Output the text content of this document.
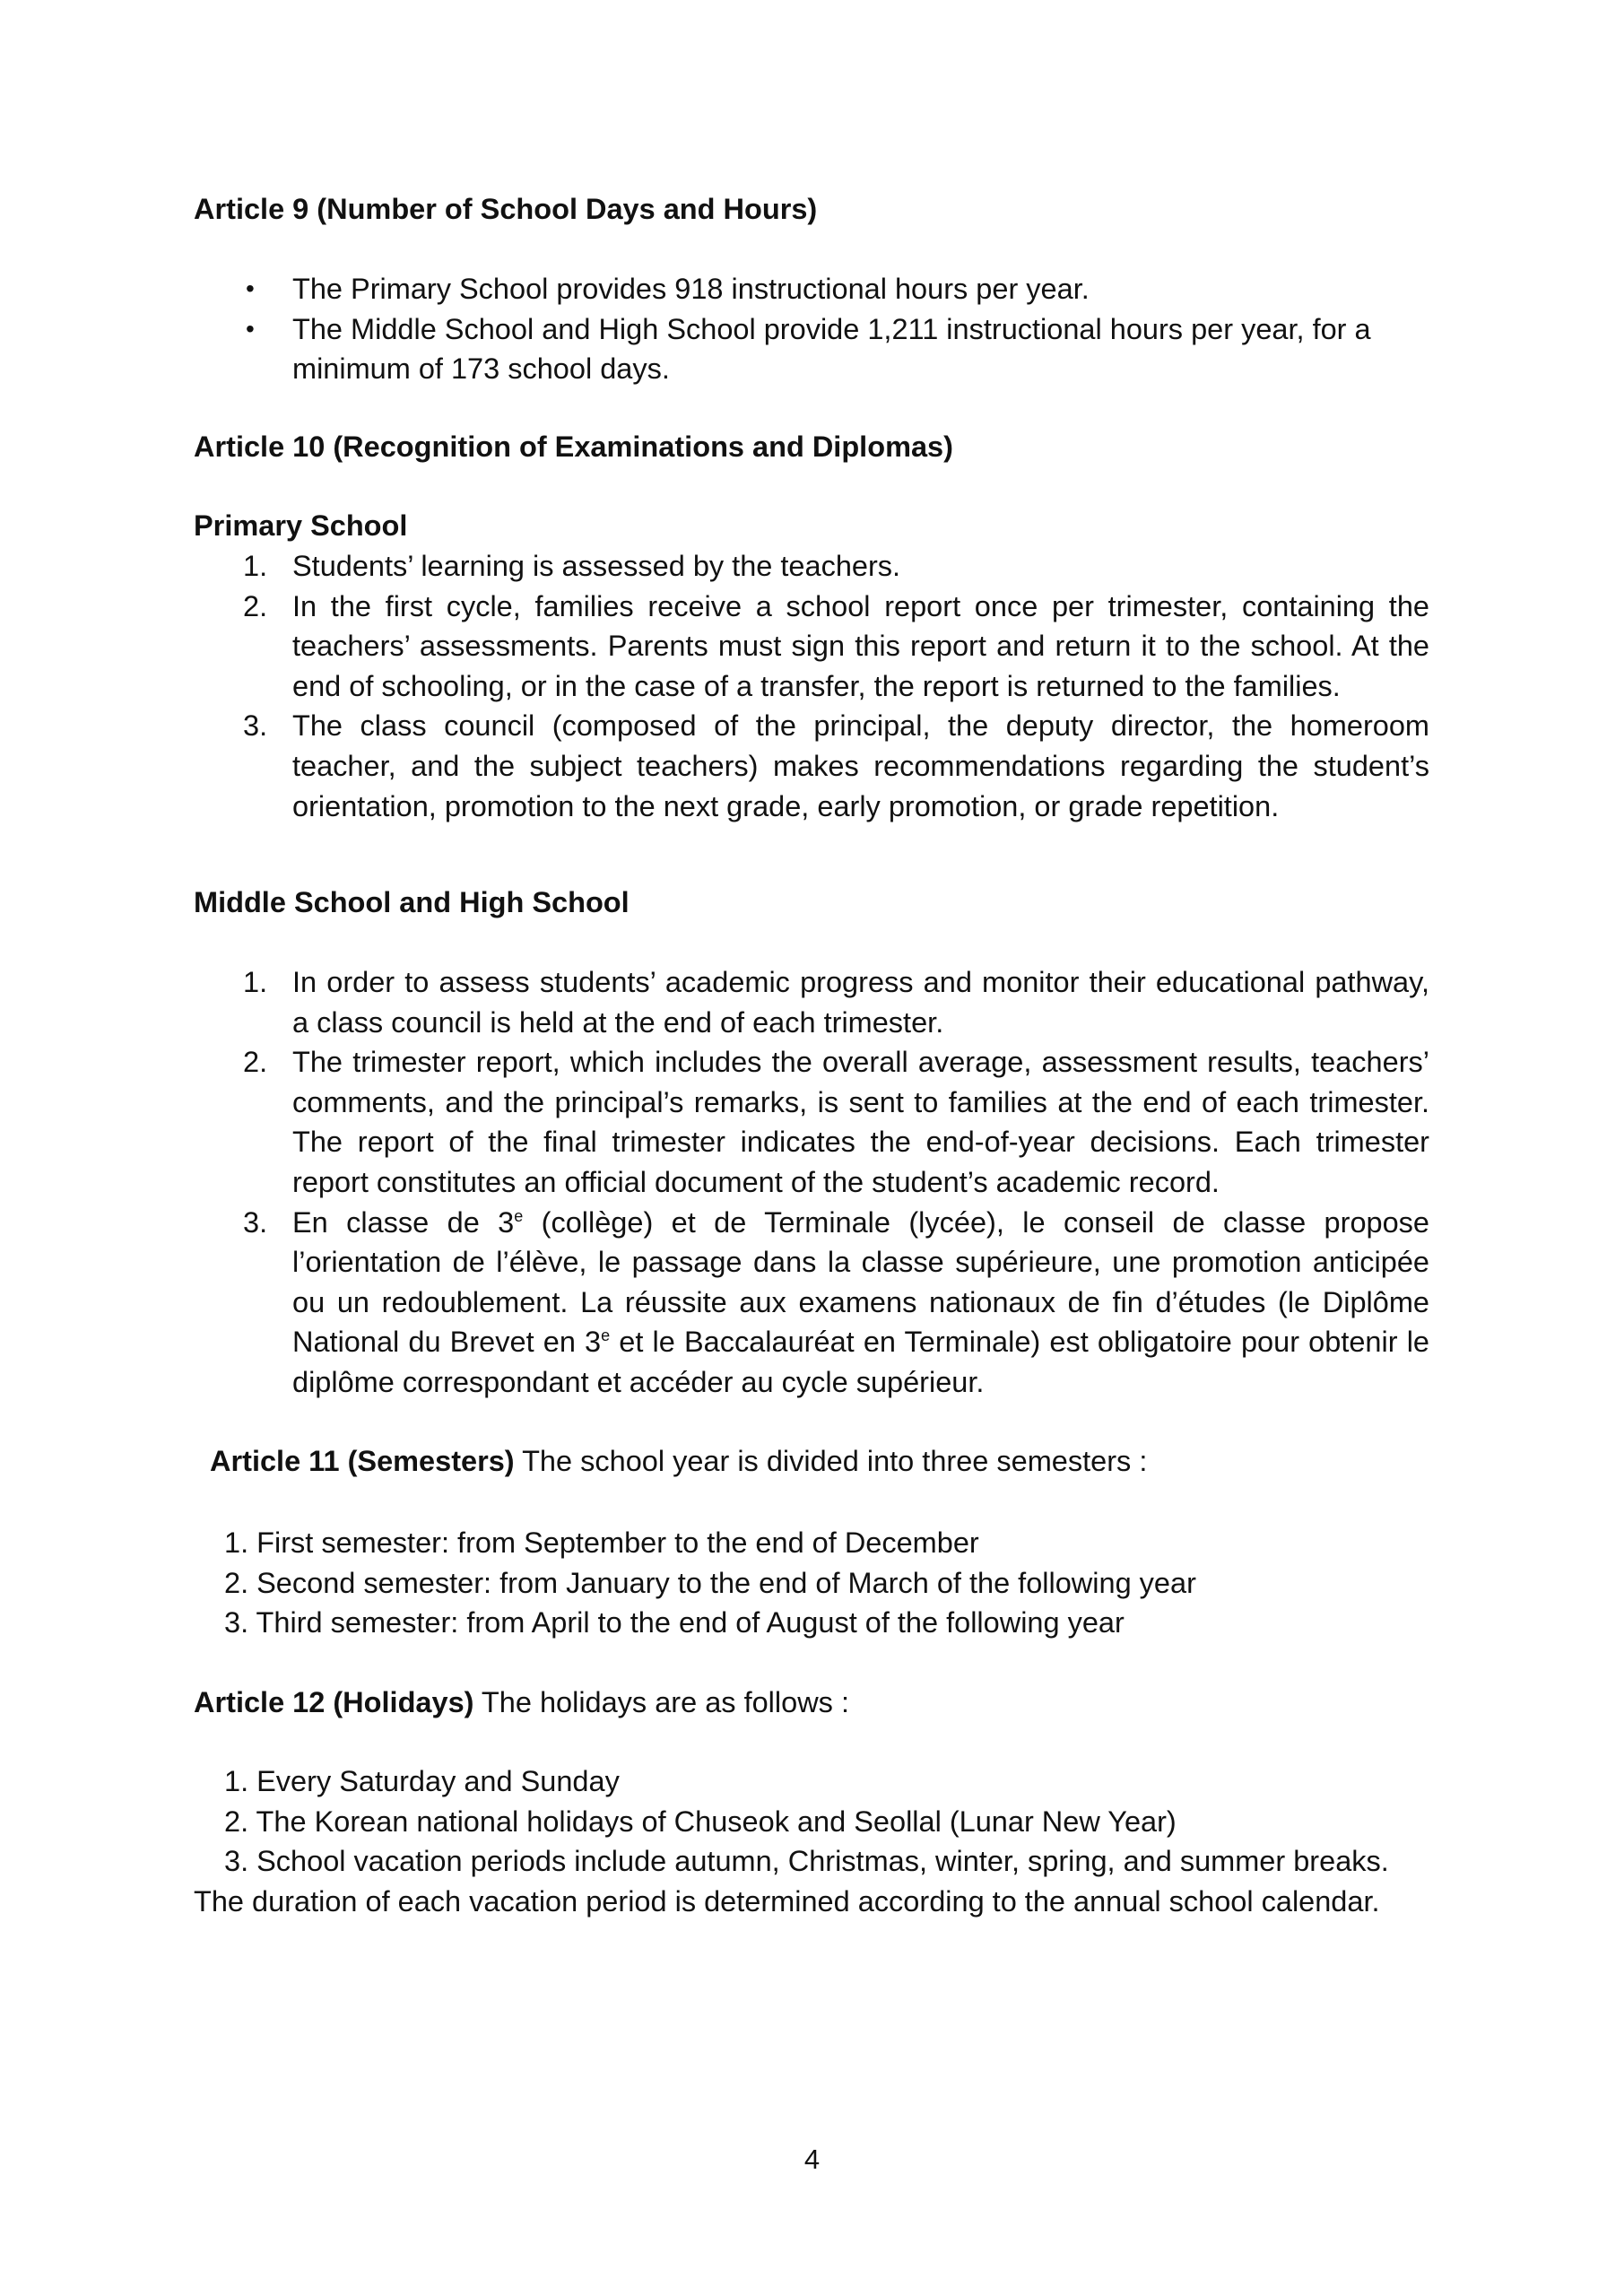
Article 9 (Number of School Days and Hours)
• The Primary School provides 918 instructional hours per year.
• The Middle School and High School provide 1,211 instructional hours per year, for a minimum of 173 school days.
Article 10 (Recognition of Examinations and Diplomas)
Primary School
1. Students’ learning is assessed by the teachers.
2. In the first cycle, families receive a school report once per trimester, containing the teachers’ assessments. Parents must sign this report and return it to the school. At the end of schooling, or in the case of a transfer, the report is returned to the families.
3. The class council (composed of the principal, the deputy director, the homeroom teacher, and the subject teachers) makes recommendations regarding the student’s orientation, promotion to the next grade, early promotion, or grade repetition.
Middle School and High School
1. In order to assess students’ academic progress and monitor their educational pathway, a class council is held at the end of each trimester.
2. The trimester report, which includes the overall average, assessment results, teachers’ comments, and the principal’s remarks, is sent to families at the end of each trimester. The report of the final trimester indicates the end-of-year decisions. Each trimester report constitutes an official document of the student’s academic record.
3. En classe de 3e (collège) et de Terminale (lycée), le conseil de classe propose l’orientation de l’élève, le passage dans la classe supérieure, une promotion anticipée ou un redoublement. La réussite aux examens nationaux de fin d’études (le Diplôme National du Brevet en 3e et le Baccalauréat en Terminale) est obligatoire pour obtenir le diplôme correspondant et accéder au cycle supérieur.
Article 11 (Semesters) The school year is divided into three semesters :
1. First semester: from September to the end of December
2. Second semester: from January to the end of March of the following year
3. Third semester: from April to the end of August of the following year
Article 12 (Holidays) The holidays are as follows :
1. Every Saturday and Sunday
2. The Korean national holidays of Chuseok and Seollal (Lunar New Year)
3. School vacation periods include autumn, Christmas, winter, spring, and summer breaks.
The duration of each vacation period is determined according to the annual school calendar.
4
